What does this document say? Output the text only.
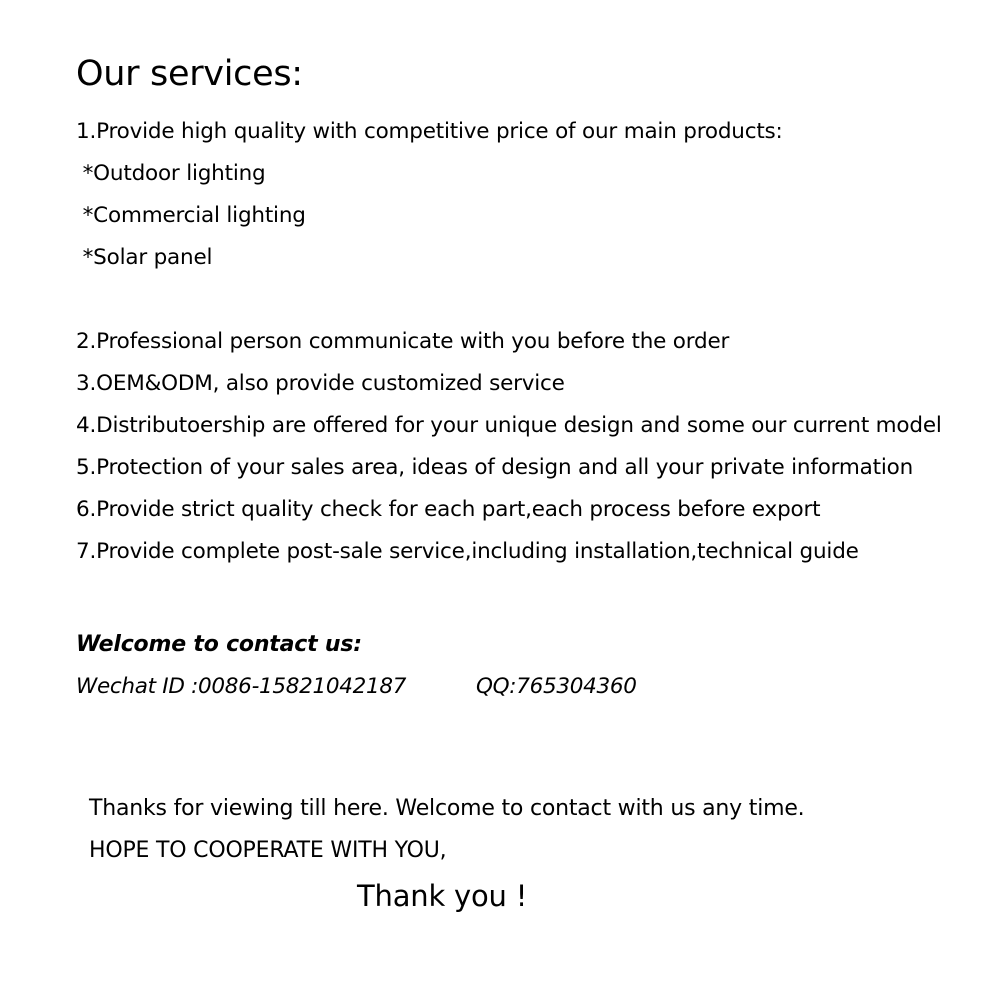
Our services:
1.Provide high quality with competitive price of our main products:
*Outdoor lighting
*Commercial lighting
*Solar panel
2.Professional person communicate with you before the order
3.OEM&ODM, also provide customized service
4.Distributoership are offered for your unique design and some our current model
5.Protection of your sales area, ideas of design and all your private information
6.Provide strict quality check for each part,each process before export
7.Provide complete post-sale service,including installation,technical guide
Welcome to contact us:
Wechat ID :0086-15821042187	QQ:765304360
Thanks for viewing till here. Welcome to contact with us any time.
HOPE TO COOPERATE WITH YOU,
Thank you !
